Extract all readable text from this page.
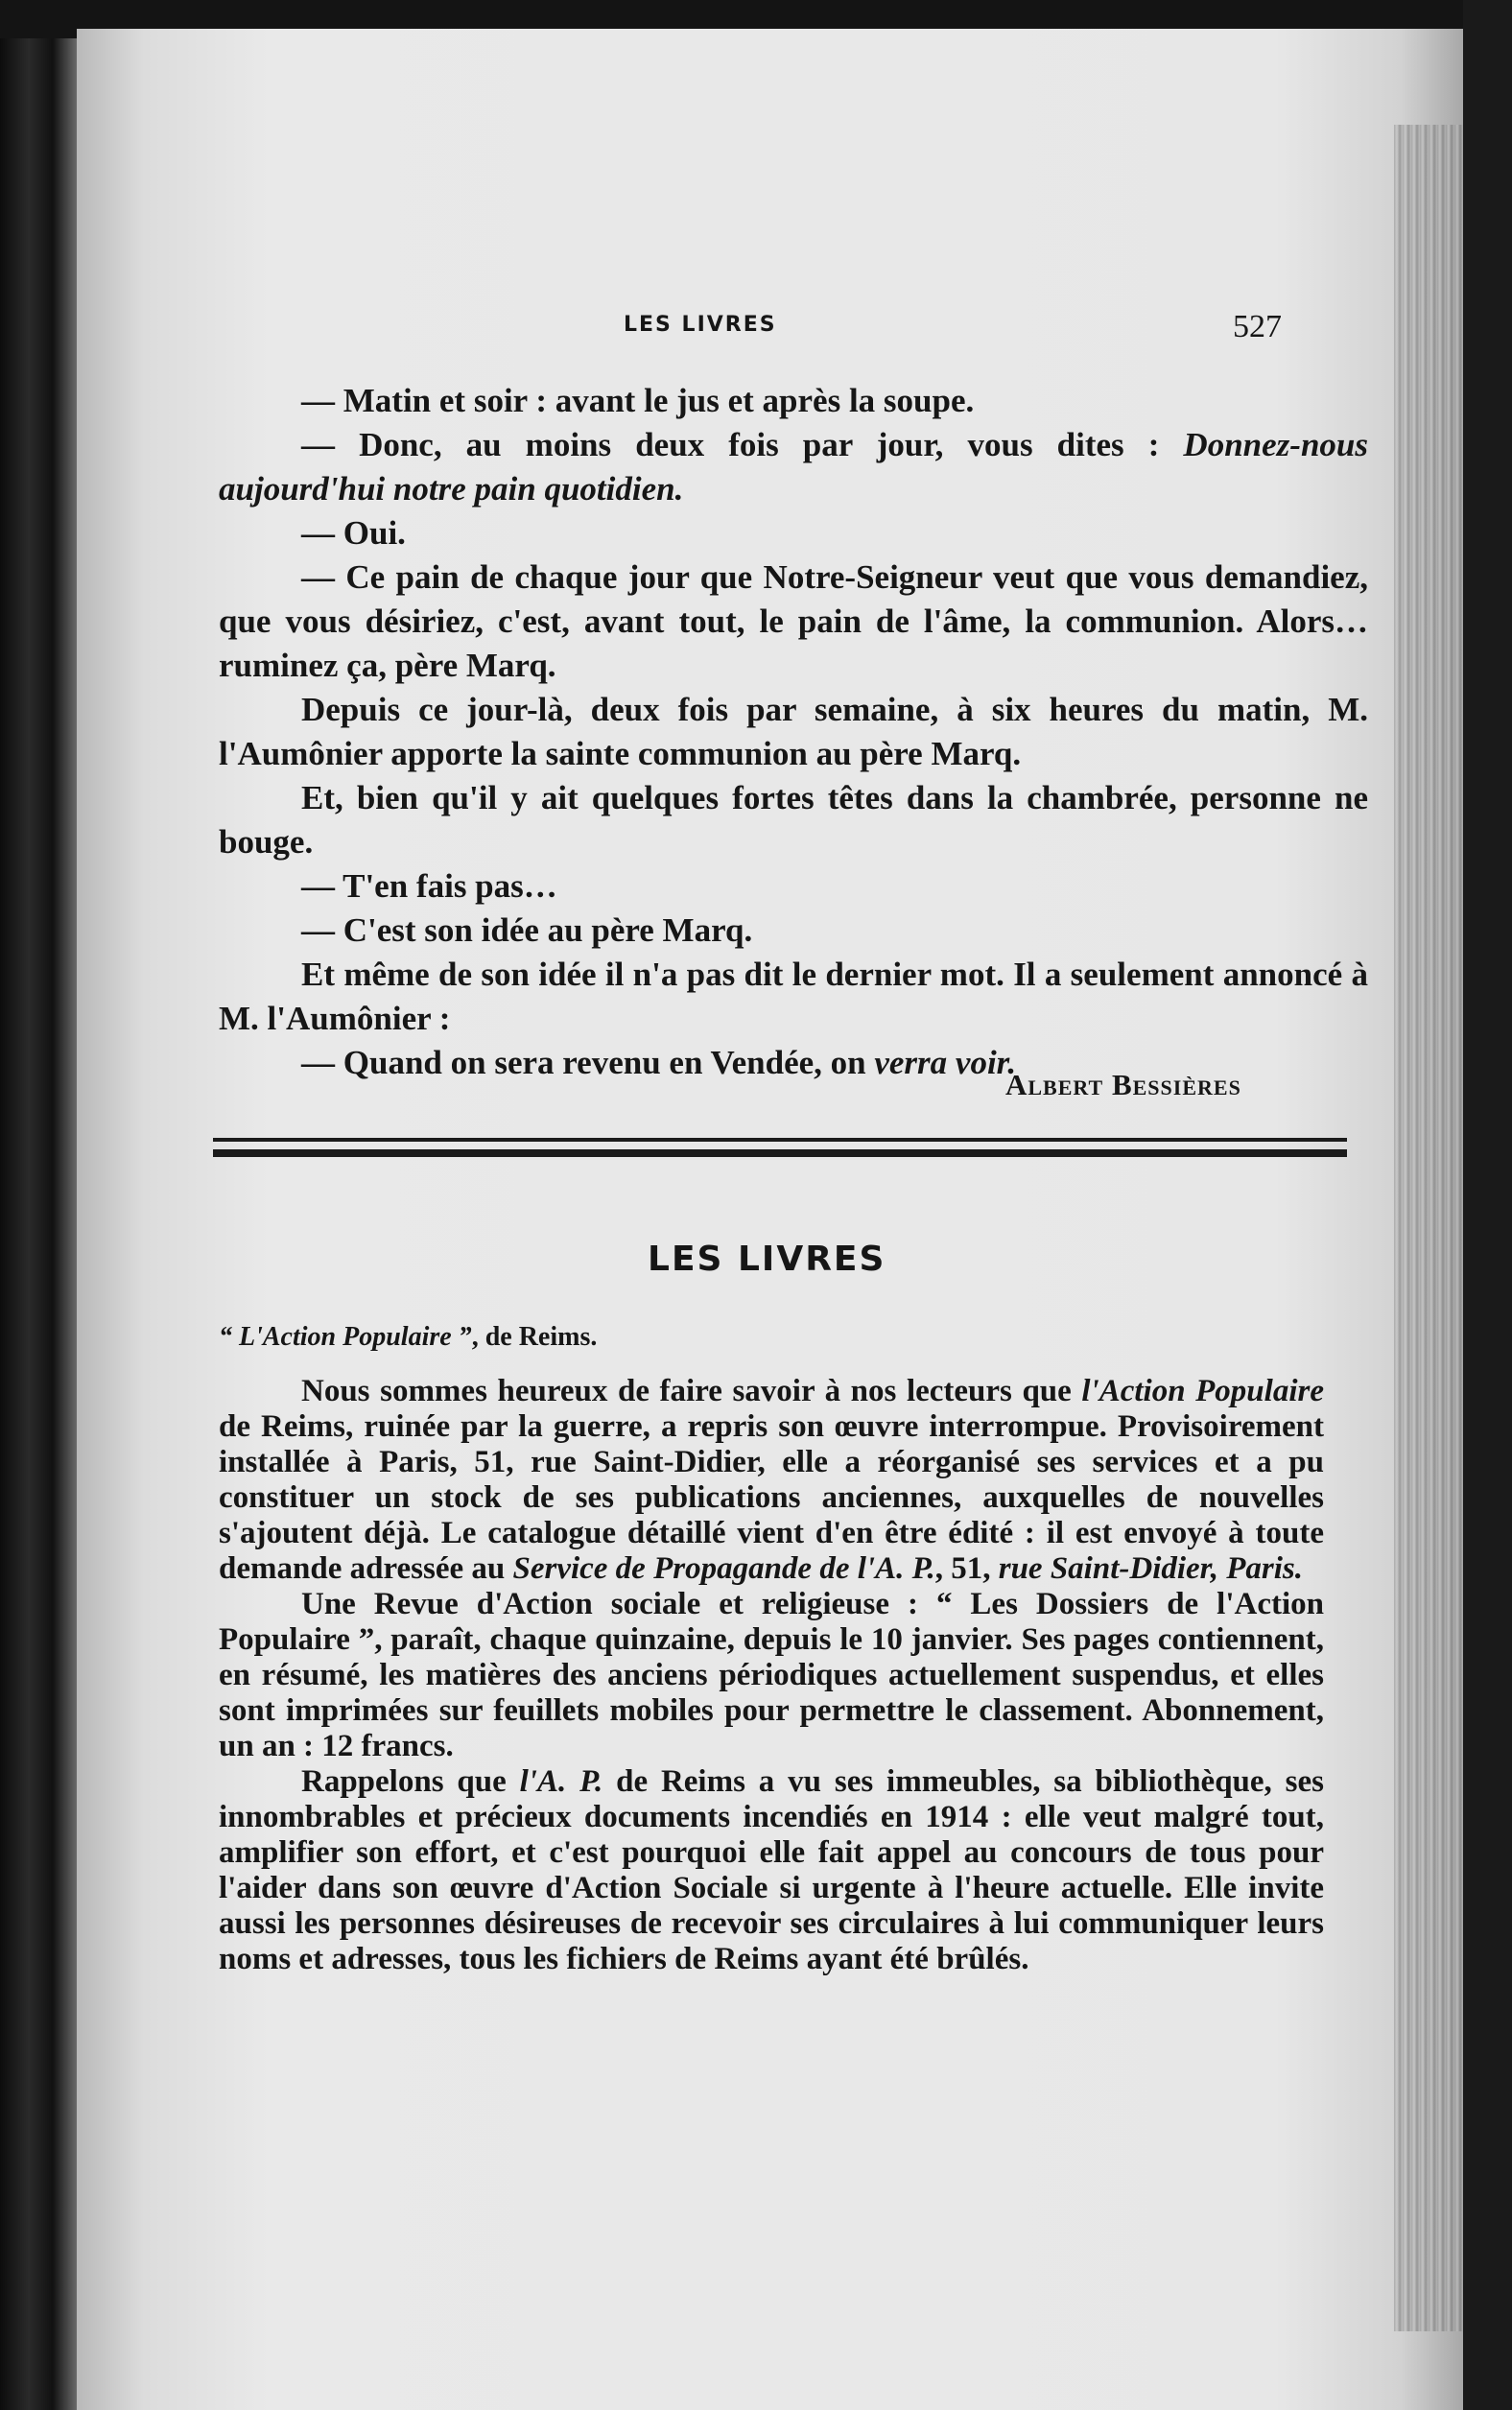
LES LIVRES	527

— Matin et soir : avant le jus et après la soupe.

— Donc, au moins deux fois par jour, vous dites : Donnez-nous aujourd'hui notre pain quotidien.

— Oui.

— Ce pain de chaque jour que Notre-Seigneur veut que vous demandiez, que vous désiriez, c'est, avant tout, le pain de l'âme, la communion. Alors… ruminez ça, père Marq.

Depuis ce jour-là, deux fois par semaine, à six heures du matin, M. l'Aumônier apporte la sainte communion au père Marq.

Et, bien qu'il y ait quelques fortes têtes dans la chambrée, personne ne bouge.

— T'en fais pas…

— C'est son idée au père Marq.

Et même de son idée il n'a pas dit le dernier mot. Il a seulement annoncé à M. l'Aumônier :

— Quand on sera revenu en Vendée, on verra voir.

Albert Bessières
LES LIVRES
“ L'Action Populaire ”, de Reims.

Nous sommes heureux de faire savoir à nos lecteurs que l'Action Populaire de Reims, ruinée par la guerre, a repris son œuvre interrompue. Provisoirement installée à Paris, 51, rue Saint-Didier, elle a réorganisé ses services et a pu constituer un stock de ses publications anciennes, auxquelles de nouvelles s'ajoutent déjà. Le catalogue détaillé vient d'en être édité : il est envoyé à toute demande adressée au Service de Propagande de l'A. P., 51, rue Saint-Didier, Paris.

Une Revue d'Action sociale et religieuse : “ Les Dossiers de l'Action Populaire ”, paraît, chaque quinzaine, depuis le 10 janvier. Ses pages contiennent, en résumé, les matières des anciens périodiques actuellement suspendus, et elles sont imprimées sur feuillets mobiles pour permettre le classement. Abonnement, un an : 12 francs.

Rappelons que l'A. P. de Reims a vu ses immeubles, sa bibliothèque, ses innombrables et précieux documents incendiés en 1914 : elle veut malgré tout, amplifier son effort, et c'est pourquoi elle fait appel au concours de tous pour l'aider dans son œuvre d'Action Sociale si urgente à l'heure actuelle. Elle invite aussi les personnes désireuses de recevoir ses circulaires à lui communiquer leurs noms et adresses, tous les fichiers de Reims ayant été brûlés.
